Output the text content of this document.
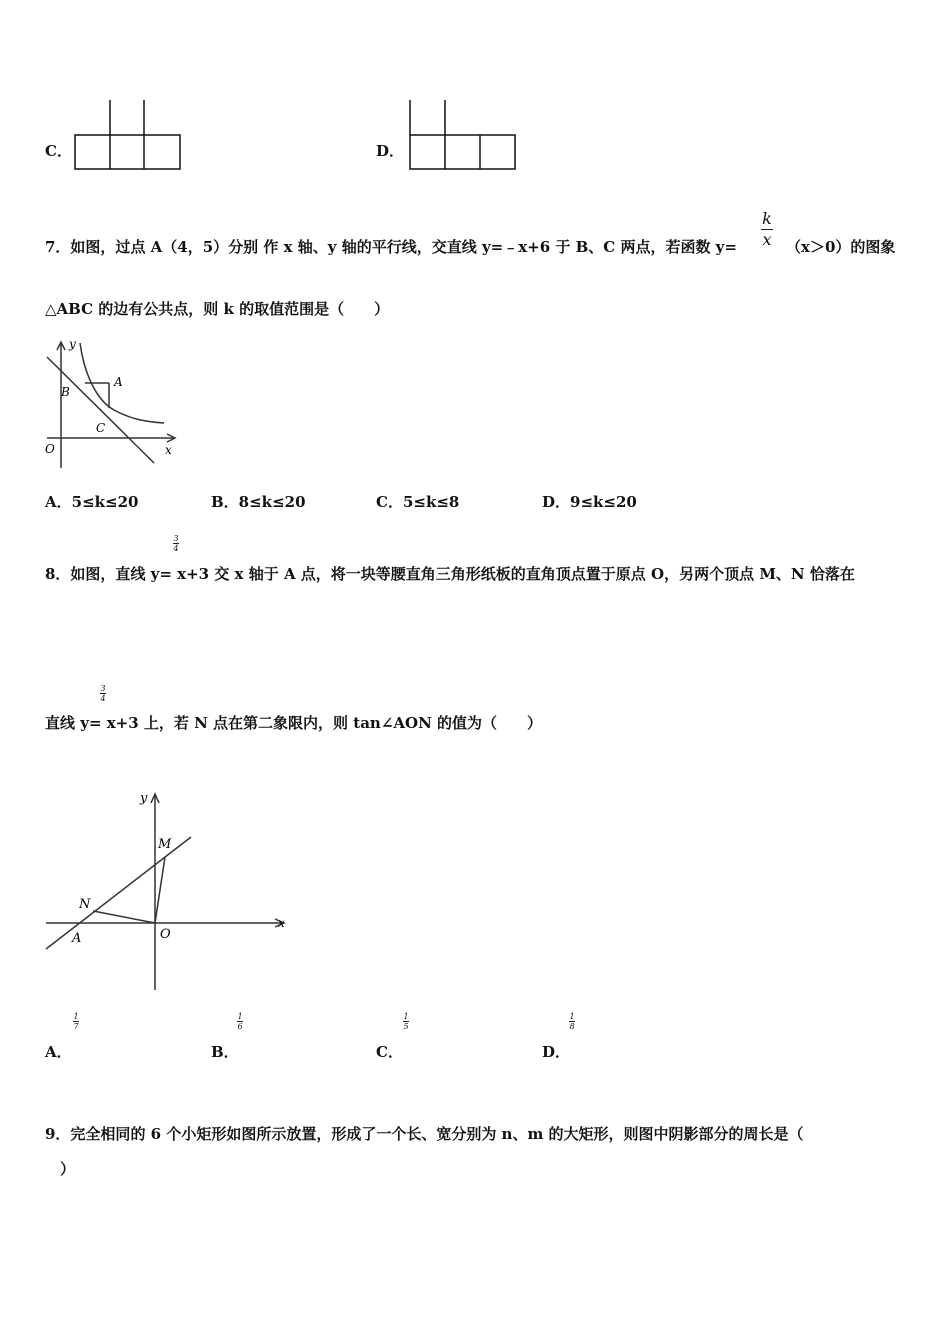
C．	D．
7．如图，过点 A（4，5）分别 作 x 轴、y 轴的平行线，交直线 y=﹣x+6 于 B、C 两点，若函数 y=
k
x （x＞0）的图象
△ABC 的边有公共点，则 k 的取值范围是（　　）
y
B
A
C
O	x
A．5≤k≤20	B．8≤k≤20	C．5≤k≤8	D．9≤k≤20
3
4
8．如图，直线 y= x+3 交 x 轴于 A 点，将一块等腰直角三角形纸板的直角顶点置于原点 O，另两个顶点 M、N 恰落在
3
4
直线 y= x+3 上，若 N 点在第二象限内，则 tan∠AON 的值为（　　）
y
M
N
A	O
x
1
7
A．
1
6
B．
1
5
C．
1
8
D．
9．完全相同的 6 个小矩形如图所示放置，形成了一个长、宽分别为 n、m 的大矩形，则图中阴影部分的周长是（
）
